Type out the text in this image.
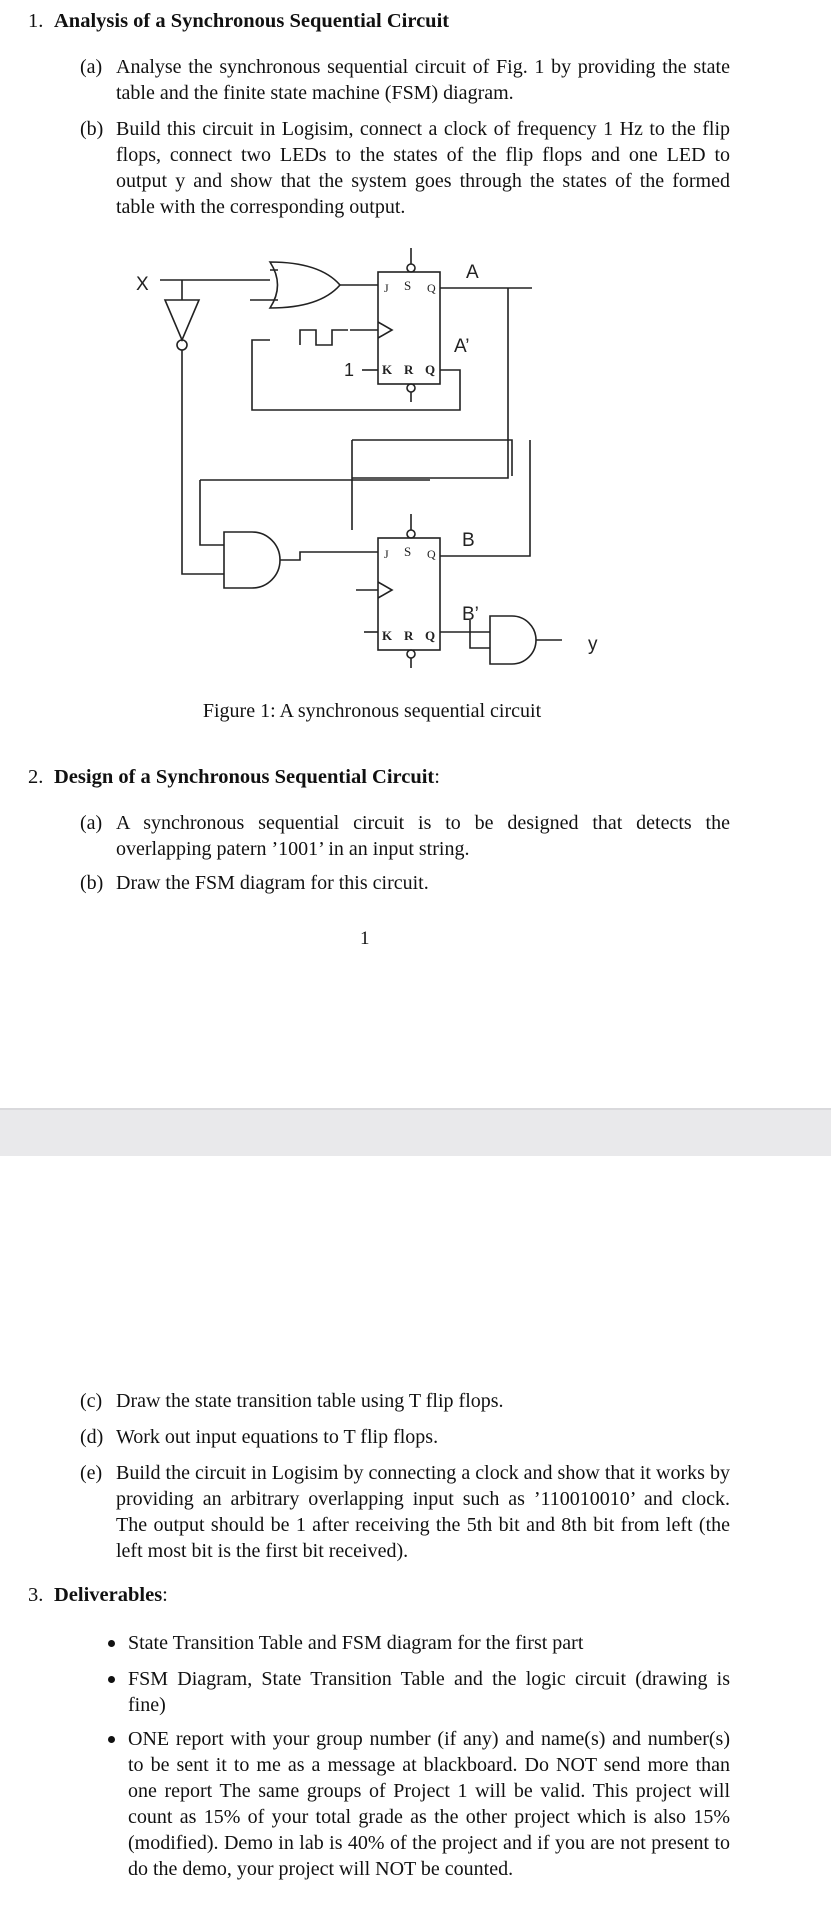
1. Analysis of a Synchronous Sequential Circuit
(a) Analyse the synchronous sequential circuit of Fig. 1 by providing the state table and the finite state machine (FSM) diagram.
(b) Build this circuit in Logisim, connect a clock of frequency 1 Hz to the flip flops, connect two LEDs to the states of the flip flops and one LED to output y and show that the system goes through the states of the formed table with the corresponding output.
X	J S Q
K R Q
1
A
A’
J S Q
K R Q
B
B’
y
Figure 1: A synchronous sequential circuit
2. Design of a Synchronous Sequential Circuit:
(a) A synchronous sequential circuit is to be designed that detects the overlapping patern ’1001’ in an input string.
(b) Draw the FSM diagram for this circuit.
1
(c) Draw the state transition table using T flip flops.
(d) Work out input equations to T flip flops.
(e) Build the circuit in Logisim by connecting a clock and show that it works by providing an arbitrary overlapping input such as ’110010010’ and clock. The output should be 1 after receiving the 5th bit and 8th bit from left (the left most bit is the first bit received).
3. Deliverables:
State Transition Table and FSM diagram for the first part
FSM Diagram, State Transition Table and the logic circuit (drawing is fine)
ONE report with your group number (if any) and name(s) and number(s) to be sent it to me as a message at blackboard. Do NOT send more than one report The same groups of Project 1 will be valid. This project will count as 15% of your total grade as the other project which is also 15% (modified). Demo in lab is 40% of the project and if you are not present to do the demo, your project will NOT be counted.
